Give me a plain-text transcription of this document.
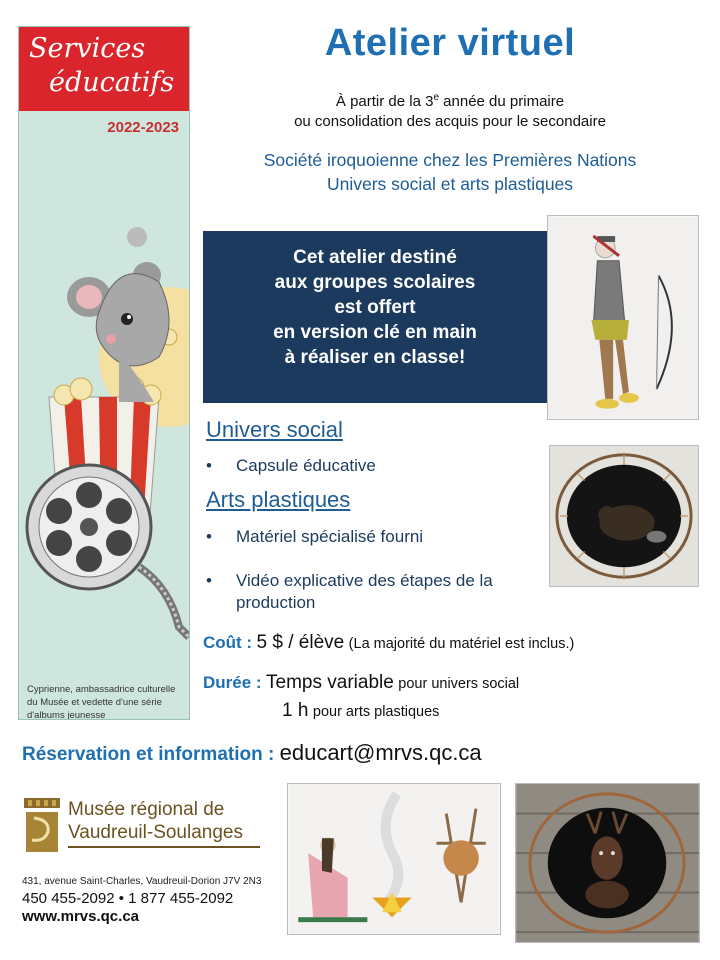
Services
éducatifs
2022-2023
Cyprienne, ambassadrice culturelle du Musée et vedette d'une série d'albums jeunesse
Atelier virtuel
À partir de la 3e année du primaire
ou consolidation des acquis pour le secondaire
Société iroquoienne chez les Premières Nations
Univers social et arts plastiques
Cet atelier destiné
aux groupes scolaires
est offert
en version clé en main
à réaliser en classe!
Univers social
• Capsule éducative
Arts plastiques
• Matériel spécialisé fourni
• Vidéo explicative des étapes de la production
Coût : 5 $ / élève (La majorité du matériel est inclus.)
Durée : Temps variable pour univers social
1 h pour arts plastiques
Réservation et information : educart@mrvs.qc.ca
Musée régional de
Vaudreuil-Soulanges
431, avenue Saint-Charles, Vaudreuil-Dorion J7V 2N3
450 455-2092 • 1 877 455-2092
www.mrvs.qc.ca
